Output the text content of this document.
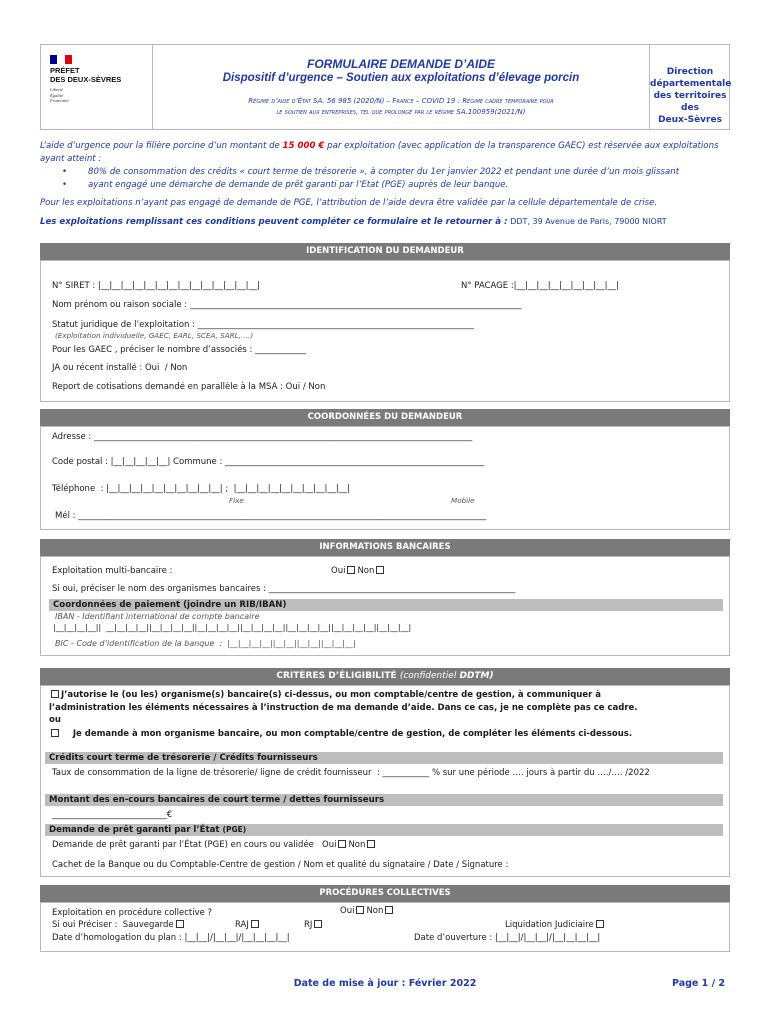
PRÉFET
DES DEUX-SÈVRES
Liberté
Égalité
Fraternité
FORMULAIRE DEMANDE D’AIDE
Dispositif d’urgence – Soutien aux exploitations d’élevage porcin
Régime d’aide d’État SA. 56 985 (2020/N) – France – COVID 19 : Régime cadre temporaire pour
le soutien aux entreprises, tel que prolongé par le régime SA.100959(2021/N)
Direction
départementale
des territoires des
Deux-Sèvres

L’aide d’urgence pour la filière porcine d’un montant de 15 000 € par exploitation (avec application de la transparence GAEC) est réservée aux exploitations ayant atteint :

• 80% de consommation des crédits « court terme de trésorerie », à compter du 1er janvier 2022 et pendant une durée d’un mois glissant
• ayant engagé une démarche de demande de prêt garanti par l’Etat (PGE) auprès de leur banque.

Pour les exploitations n’ayant pas engagé de demande de PGE, l’attribution de l’aide devra être validée par la cellule départementale de crise.

Les exploitations remplissant ces conditions peuvent compléter ce formulaire et le retourner à : DDT, 39 Avenue de Paris, 79000 NIORT

IDENTIFICATION DU DEMANDEUR
N° SIRET : |__|__|__|__|__|__|__|__|__|__|__|__|__|__|	N° PACAGE :|__|__|__|__|__|__|__|__|__|
Nom prénom ou raison sociale : ______________________________________________________________________________
Statut juridique de l’exploitation : _________________________________________________________________
(Exploitation individuelle, GAEC, EARL, SCEA, SARL, …)
Pour les GAEC , préciser le nombre d’associés : ____________
JA ou récent installé : Oui  / Non
Report de cotisations demandé en parallèle à la MSA : Oui / Non
COORDONNÉES DU DEMANDEUR
Adresse : _________________________________________________________________________________________
Code postal : |__|__|__|__|__| Commune : _____________________________________________________________
Téléphone  : |__|__|__|__|__|__|__|__|__|__| ;  |__|__|__|__|__|__|__|__|__|__|
Fixe	Mobile
Mél : ________________________________________________________________________________________________
INFORMATIONS BANCAIRES
Exploitation multi-bancaire :	Oui Non
Si oui, préciser le nom des organismes bancaires : __________________________________________________________
Coordonnées de paiement (joindre un RIB/IBAN)
IBAN - Identifiant international de compte bancaire
|__|__|__|__||  __|__|__|__||__|__|__|__||__|__|__|__||__|__|__|__||__|__|__|__||__|__|__|__||__|__|__|
BIC - Code d’identification de la banque  :  |__|__|__|__||__|__||__|__||__|__|__|
CRITÈRES D’ÉLIGIBILITÉ (confidentiel DDTM)
J’autorise le (ou les) organisme(s) bancaire(s) ci-dessus, ou mon comptable/centre de gestion, à communiquer à
l’administration les éléments nécessaires à l’instruction de ma demande d’aide. Dans ce cas, je ne complète pas ce cadre.
ou
Je demande à mon organisme bancaire, ou mon comptable/centre de gestion, de compléter les éléments ci-dessous.
Crédits court terme de trésorerie / Crédits fournisseurs
Taux de consommation de la ligne de trésorerie/ ligne de crédit fournisseur  : ___________ % sur une période …. jours à partir du …./…. /2022
Montant des en-cours bancaires de court terme / dettes fournisseurs
___________________________€
Demande de prêt garanti par l’État (PGE)
Demande de prêt garanti par l’État (PGE) en cours ou validée   Oui Non
Cachet de la Banque ou du Comptable-Centre de gestion / Nom et qualité du signataire / Date / Signature :
PROCÉDURES COLLECTIVES
Exploitation en procédure collective ?	Oui Non
Si oui Préciser :  Sauvegarde	RAJ	RJ	Liquidation Judiciaire
Date d’homologation du plan : |__|__|/|__|__|/|__|__|__|__|	Date d’ouverture : |__|__|/|__|__|/|__|__|__|__|
Date de mise à jour : Février 2022	Page 1 / 2
